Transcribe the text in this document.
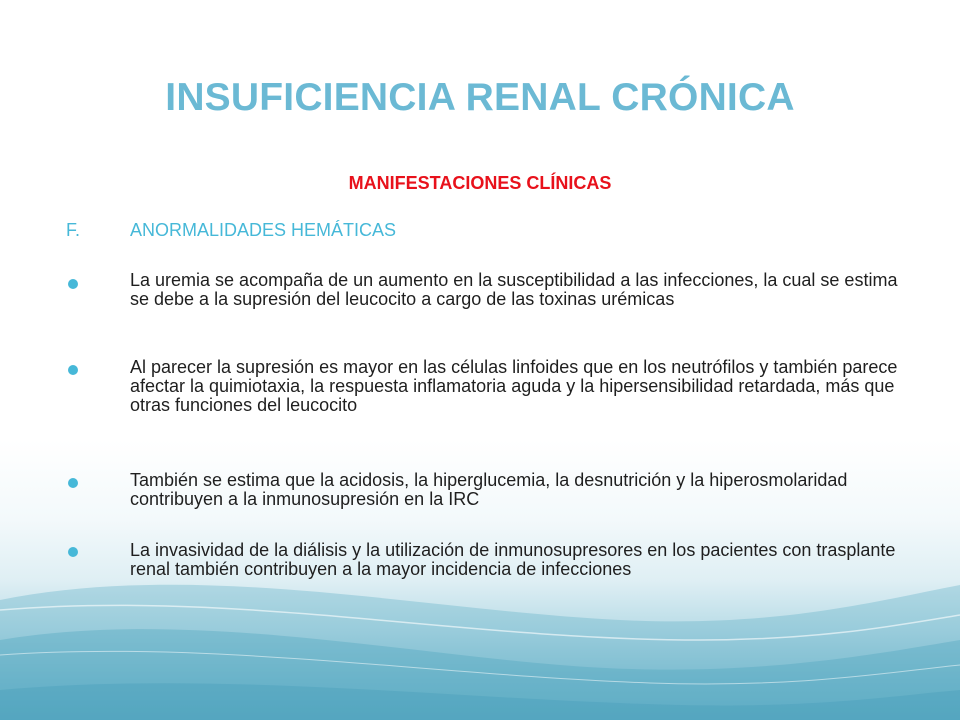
INSUFICIENCIA RENAL CRÓNICA
MANIFESTACIONES CLÍNICAS
F.	ANORMALIDADES HEMÁTICAS
La uremia se acompaña de un aumento en la susceptibilidad a las infecciones, la cual se estima se debe a la supresión del leucocito a cargo de las toxinas urémicas
Al parecer la supresión es mayor en las células linfoides que en los neutrófilos y también parece afectar la quimiotaxia, la respuesta inflamatoria aguda y la hipersensibilidad retardada, más que otras funciones del leucocito
También se estima que la acidosis, la hiperglucemia, la desnutrición y la hiperosmolaridad contribuyen a la inmunosupresión en la IRC
La invasividad de la diálisis y la utilización de inmunosupresores en los pacientes con trasplante renal también contribuyen a la mayor incidencia de infecciones
